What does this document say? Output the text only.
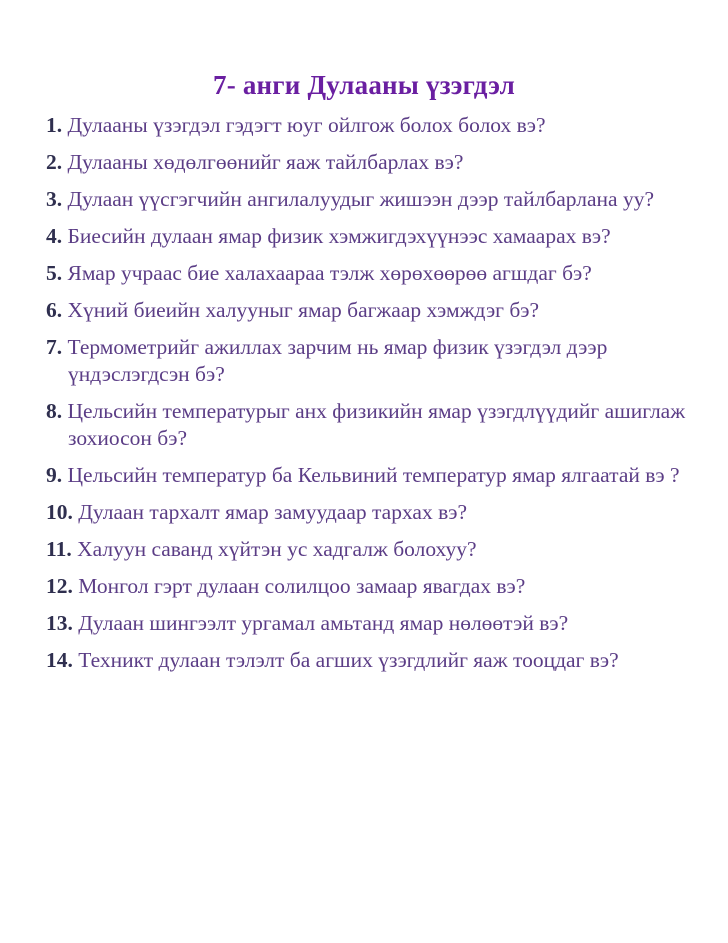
7- анги Дулааны үзэгдэл
1. Дулааны үзэгдэл гэдэгт юуг ойлгож болох болох вэ?
2. Дулааны хөдөлгөөнийг яаж тайлбарлах вэ?
3. Дулаан үүсгэгчийн ангилалуудыг жишээн дээр тайлбарлана уу?
4. Биесийн дулаан ямар физик хэмжигдэхүүнээс хамаарах вэ?
5. Ямар учраас бие халахаараа тэлж хөрөхөөрөө агшдаг бэ?
6. Хүний биеийн халууныг ямар багжаар хэмждэг бэ?
7. Термометрийг ажиллах зарчим нь ямар физик үзэгдэл дээр үндэслэгдсэн бэ?
8. Цельсийн температурыг анх физикийн ямар үзэгдлүүдийг ашиглаж зохиосон бэ?
9. Цельсийн температур ба Кельвиний температур ямар ялгаатай вэ ?
10. Дулаан тархалт ямар замуудаар тархах вэ?
11. Халуун саванд хүйтэн ус хадгалж болохуу?
12. Монгол гэрт дулаан солилцоо замаар явагдах вэ?
13. Дулаан шингээлт ургамал амьтанд ямар нөлөөтэй вэ?
14. Техникт дулаан тэлэлт ба агших үзэгдлийг яаж тооцдаг вэ?
